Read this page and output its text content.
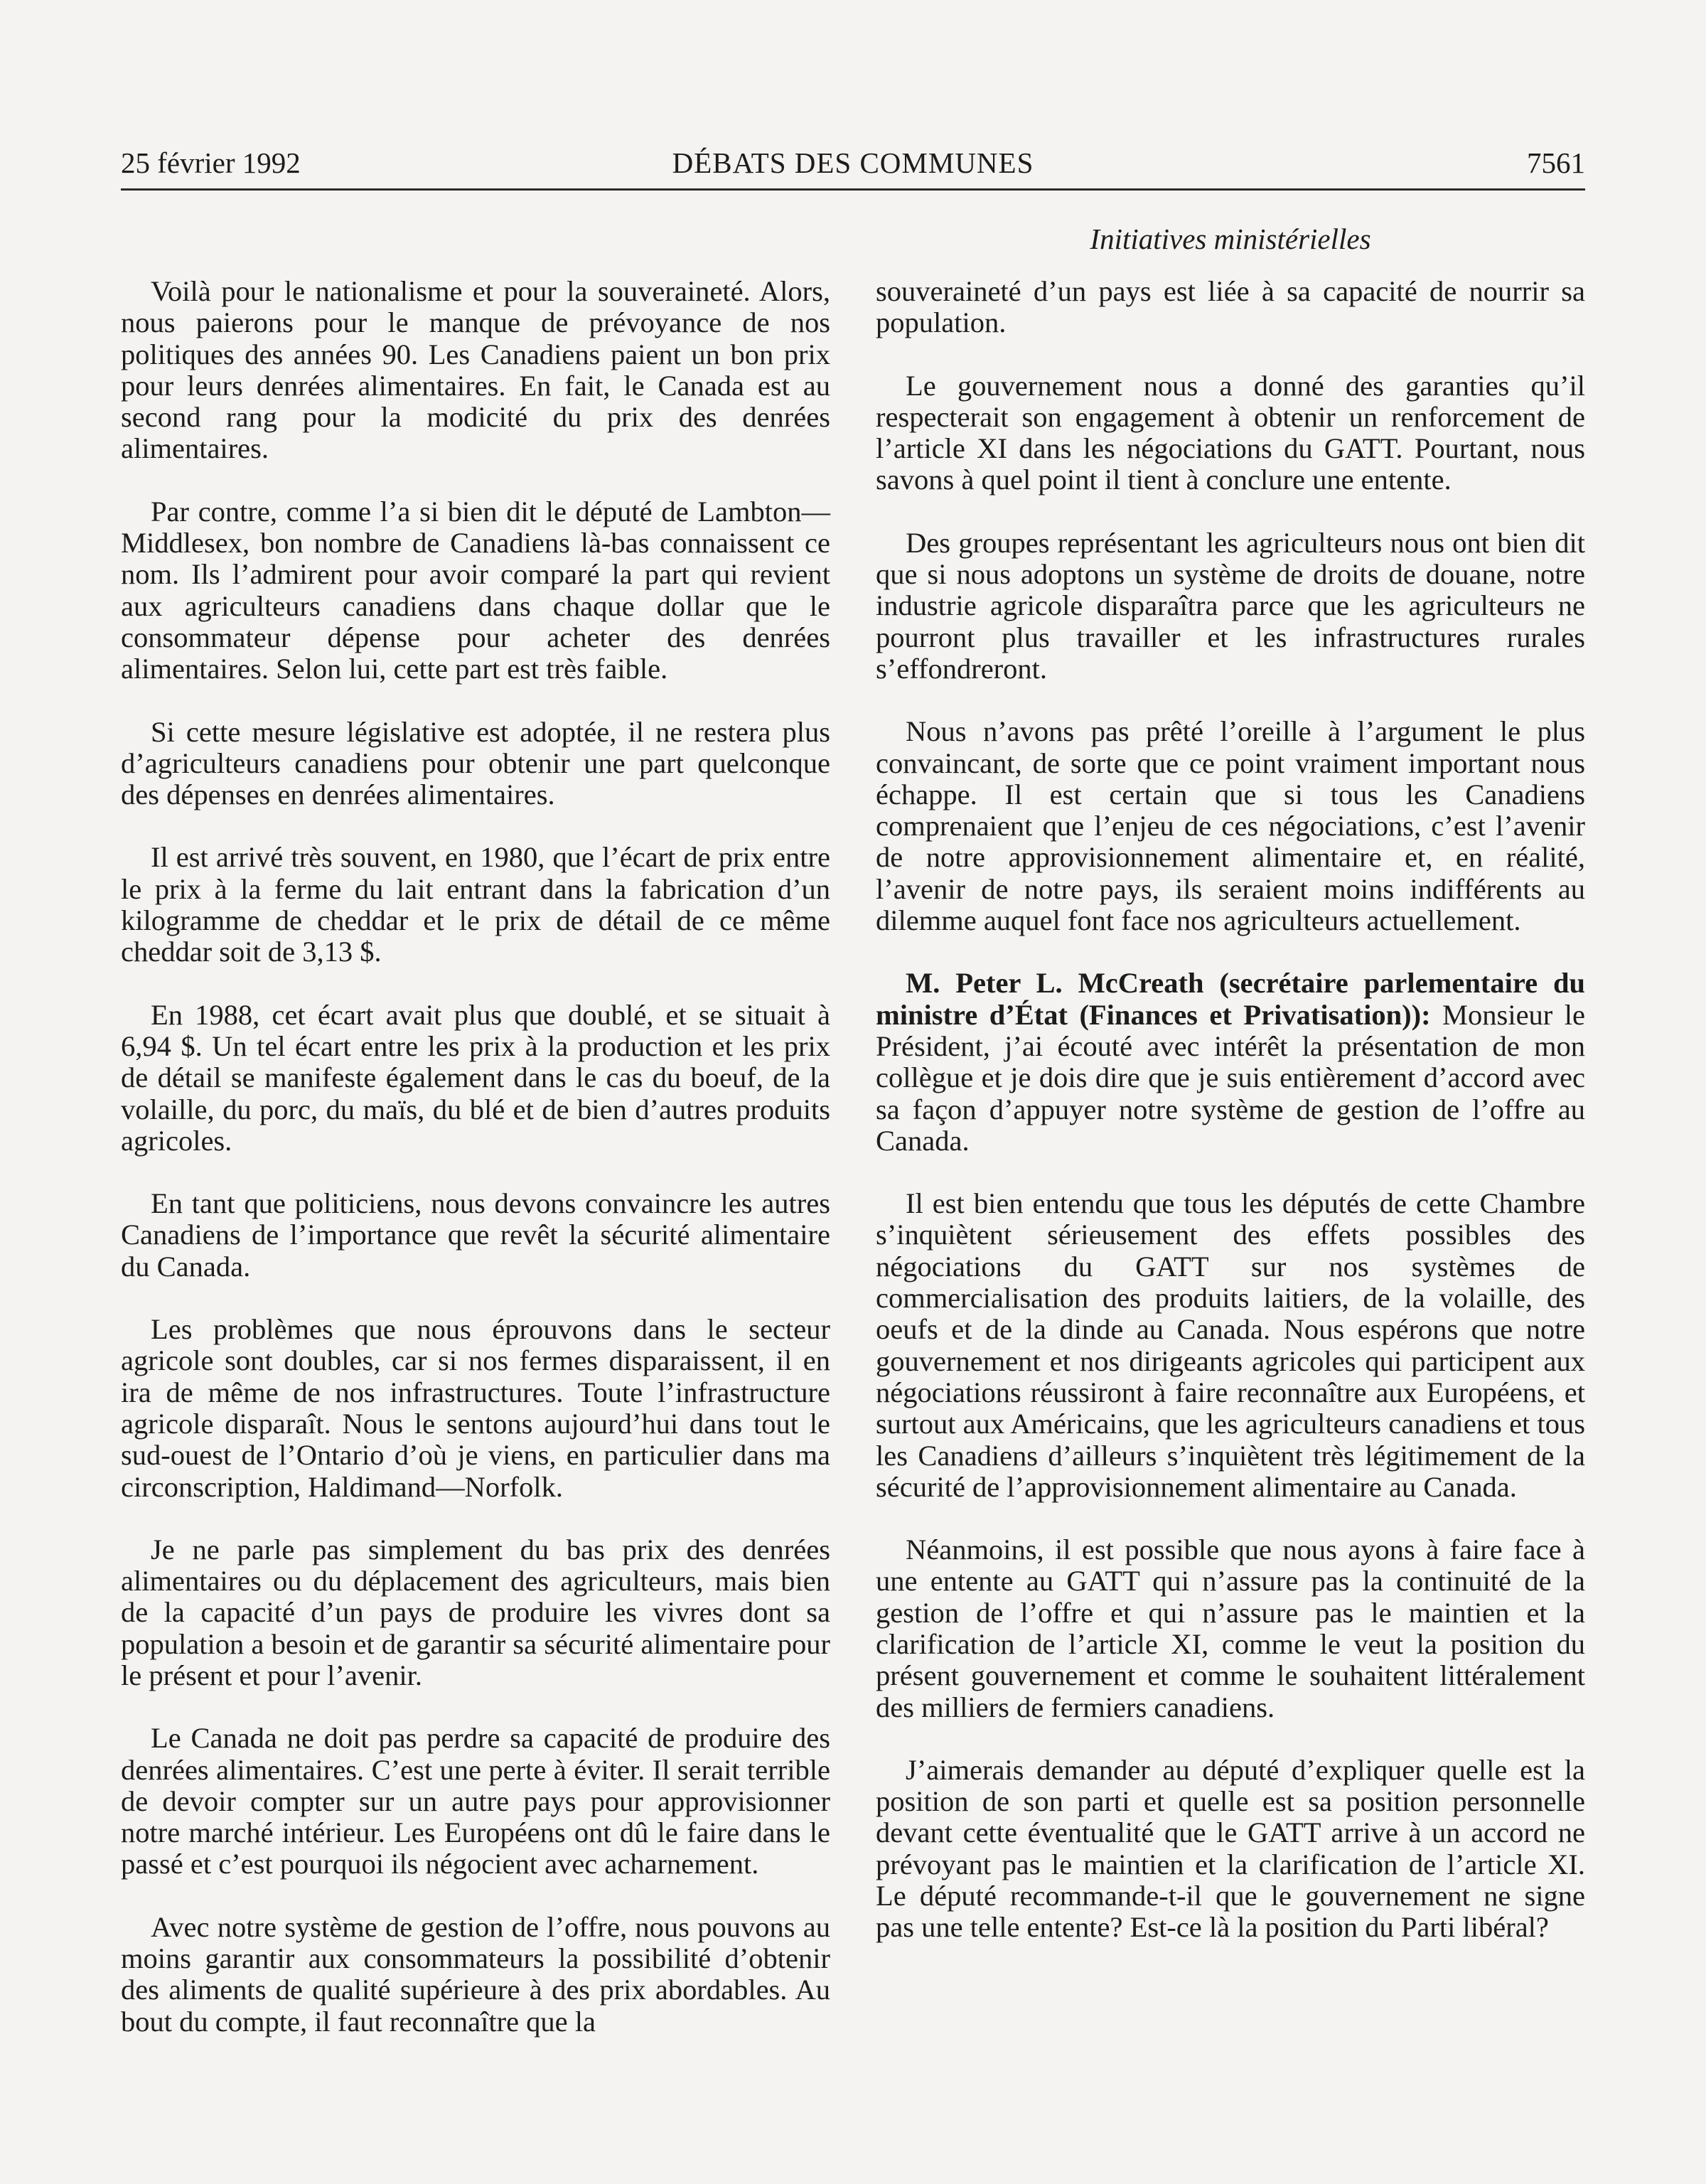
25 février 1992	DÉBATS DES COMMUNES	7561
Initiatives ministérielles

Voilà pour le nationalisme et pour la souveraineté. Alors, nous paierons pour le manque de prévoyance de nos politiques des années 90. Les Canadiens paient un bon prix pour leurs denrées alimentaires. En fait, le Canada est au second rang pour la modicité du prix des denrées alimentaires.

Par contre, comme l’a si bien dit le député de Lambton—Middlesex, bon nombre de Canadiens là-bas connaissent ce nom. Ils l’admirent pour avoir comparé la part qui revient aux agriculteurs canadiens dans chaque dollar que le consommateur dépense pour acheter des denrées alimentaires. Selon lui, cette part est très faible.

Si cette mesure législative est adoptée, il ne restera plus d’agriculteurs canadiens pour obtenir une part quelconque des dépenses en denrées alimentaires.

Il est arrivé très souvent, en 1980, que l’écart de prix entre le prix à la ferme du lait entrant dans la fabrication d’un kilogramme de cheddar et le prix de détail de ce même cheddar soit de 3,13 $.

En 1988, cet écart avait plus que doublé, et se situait à 6,94 $. Un tel écart entre les prix à la production et les prix de détail se manifeste également dans le cas du boeuf, de la volaille, du porc, du maïs, du blé et de bien d’autres produits agricoles.

En tant que politiciens, nous devons convaincre les autres Canadiens de l’importance que revêt la sécurité alimentaire du Canada.

Les problèmes que nous éprouvons dans le secteur agricole sont doubles, car si nos fermes disparaissent, il en ira de même de nos infrastructures. Toute l’infrastructure agricole disparaît. Nous le sentons aujourd’hui dans tout le sud-ouest de l’Ontario d’où je viens, en particulier dans ma circonscription, Haldimand—Norfolk.

Je ne parle pas simplement du bas prix des denrées alimentaires ou du déplacement des agriculteurs, mais bien de la capacité d’un pays de produire les vivres dont sa population a besoin et de garantir sa sécurité alimentaire pour le présent et pour l’avenir.

Le Canada ne doit pas perdre sa capacité de produire des denrées alimentaires. C’est une perte à éviter. Il serait terrible de devoir compter sur un autre pays pour approvisionner notre marché intérieur. Les Européens ont dû le faire dans le passé et c’est pourquoi ils négocient avec acharnement.

Avec notre système de gestion de l’offre, nous pouvons au moins garantir aux consommateurs la possibilité d’obtenir des aliments de qualité supérieure à des prix abordables. Au bout du compte, il faut reconnaître que la

souveraineté d’un pays est liée à sa capacité de nourrir sa population.

Le gouvernement nous a donné des garanties qu’il respecterait son engagement à obtenir un renforcement de l’article XI dans les négociations du GATT. Pourtant, nous savons à quel point il tient à conclure une entente.

Des groupes représentant les agriculteurs nous ont bien dit que si nous adoptons un système de droits de douane, notre industrie agricole disparaîtra parce que les agriculteurs ne pourront plus travailler et les infrastructures rurales s’effondreront.

Nous n’avons pas prêté l’oreille à l’argument le plus convaincant, de sorte que ce point vraiment important nous échappe. Il est certain que si tous les Canadiens comprenaient que l’enjeu de ces négociations, c’est l’avenir de notre approvisionnement alimentaire et, en réalité, l’avenir de notre pays, ils seraient moins indifférents au dilemme auquel font face nos agriculteurs actuellement.

M. Peter L. McCreath (secrétaire parlementaire du ministre d’État (Finances et Privatisation)): Monsieur le Président, j’ai écouté avec intérêt la présentation de mon collègue et je dois dire que je suis entièrement d’accord avec sa façon d’appuyer notre système de gestion de l’offre au Canada.

Il est bien entendu que tous les députés de cette Chambre s’inquiètent sérieusement des effets possibles des négociations du GATT sur nos systèmes de commercialisation des produits laitiers, de la volaille, des oeufs et de la dinde au Canada. Nous espérons que notre gouvernement et nos dirigeants agricoles qui participent aux négociations réussiront à faire reconnaître aux Européens, et surtout aux Américains, que les agriculteurs canadiens et tous les Canadiens d’ailleurs s’inquiètent très légitimement de la sécurité de l’approvisionnement alimentaire au Canada.

Néanmoins, il est possible que nous ayons à faire face à une entente au GATT qui n’assure pas la continuité de la gestion de l’offre et qui n’assure pas le maintien et la clarification de l’article XI, comme le veut la position du présent gouvernement et comme le souhaitent littéralement des milliers de fermiers canadiens.

J’aimerais demander au député d’expliquer quelle est la position de son parti et quelle est sa position personnelle devant cette éventualité que le GATT arrive à un accord ne prévoyant pas le maintien et la clarification de l’article XI. Le député recommande-t-il que le gouvernement ne signe pas une telle entente? Est-ce là la position du Parti libéral?
